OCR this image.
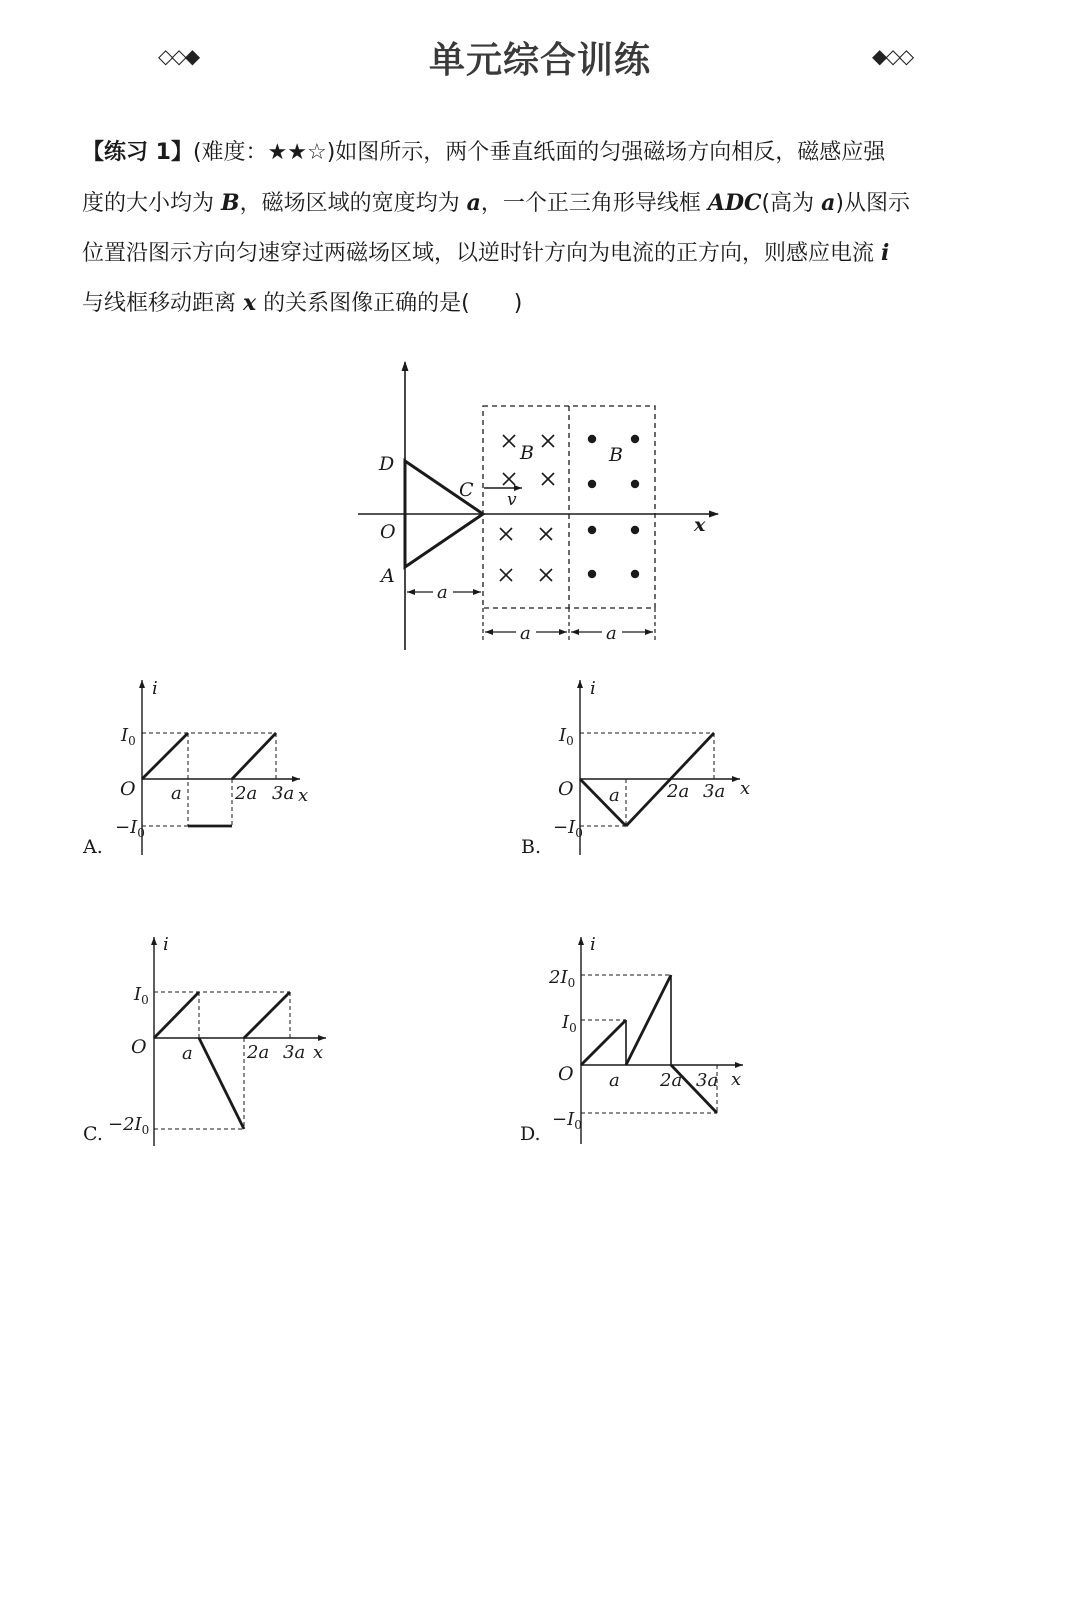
◇◇◆	单元综合训练	◆◇◇
【练习 1】(难度：★★☆)如图所示，两个垂直纸面的匀强磁场方向相反，磁感应强
度的大小均为 B，磁场区域的宽度均为 a，一个正三角形导线框 ADC(高为 a)从图示
位置沿图示方向匀速穿过两磁场区域，以逆时针方向为电流的正方向，则感应电流 i
与线框移动距离 x 的关系图像正确的是(　　)
D
C
O
A
x
v
B	B
a
a	a
i
$I_0$
$-I_0$
O a	2a 3a x
A.
i
$I_0$
$-I_0$
O a	2a 3a x
B.
i
$I_0$
$-2I_0$
O a	2a 3a x
C.
i
$2I_0$
$I_0$
$-I_0$
O a 2a 3a x
D.
